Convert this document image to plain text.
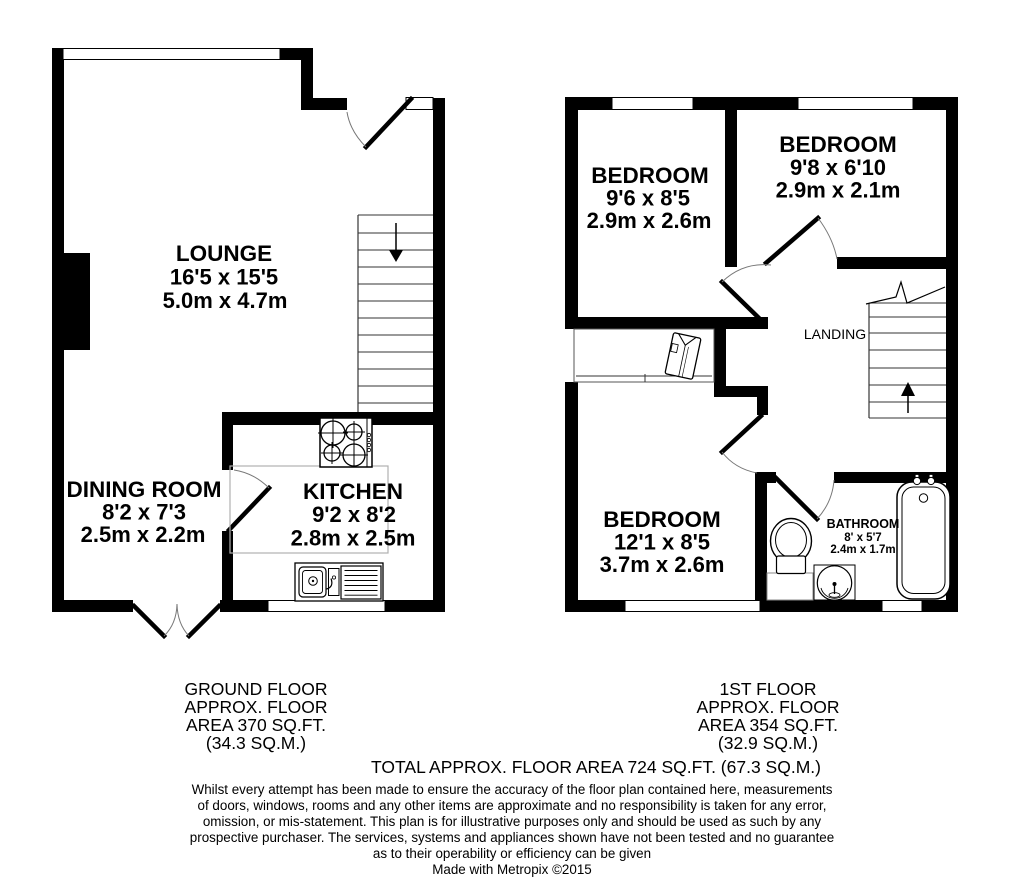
LOUNGE
16'5 x 15'5
5.0m x 4.7m
DINING ROOM
8'2 x 7'3
2.5m x 2.2m
KITCHEN
9'2 x 8'2
2.8m x 2.5m
BEDROOM
9'6 x 8'5
2.9m x 2.6m
BEDROOM
9'8 x 6'10
2.9m x 2.1m
BEDROOM
12'1 x 8'5
3.7m x 2.6m
LANDING
BATHROOM
8' x 5'7
2.4m x 1.7m
GROUND FLOOR
APPROX. FLOOR
AREA 370 SQ.FT.
(34.3 SQ.M.)
1ST FLOOR
APPROX. FLOOR
AREA 354 SQ.FT.
(32.9 SQ.M.)
TOTAL APPROX. FLOOR AREA 724 SQ.FT. (67.3 SQ.M.)
Whilst every attempt has been made to ensure the accuracy of the floor plan contained here, measurements
of doors, windows, rooms and any other items are approximate and no responsibility is taken for any error,
omission, or mis-statement. This plan is for illustrative purposes only and should be used as such by any
prospective purchaser. The services, systems and appliances shown have not been tested and no guarantee
as to their operability or efficiency can be given
Made with Metropix ©2015
